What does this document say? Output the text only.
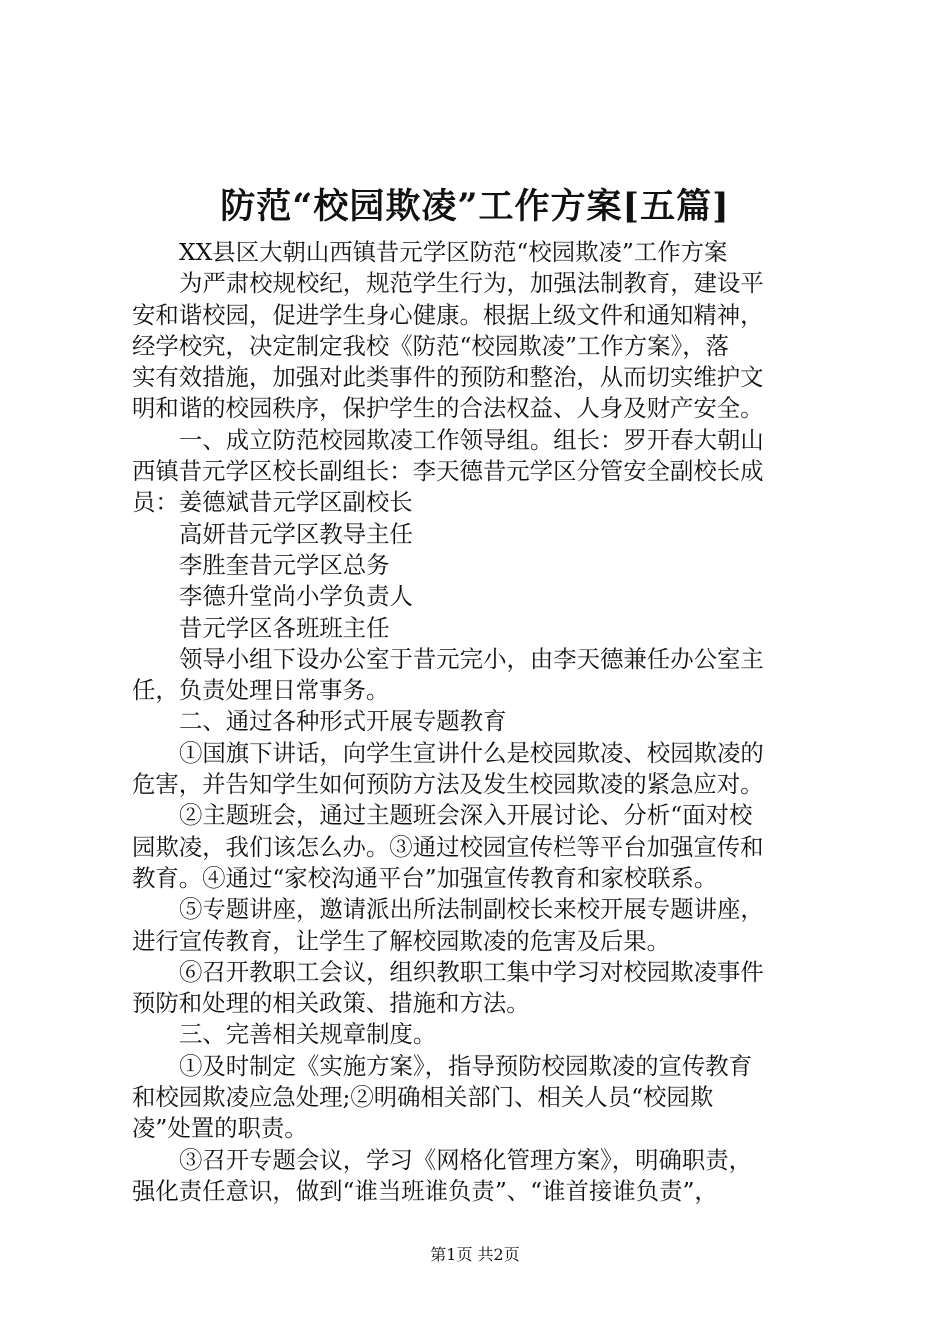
防范“校园欺凌”工作方案[五篇]
XX县区大朝山西镇昔元学区防范“校园欺凌”工作方案
为严肃校规校纪，规范学生行为，加强法制教育，建设平
安和谐校园，促进学生身心健康。根据上级文件和通知精神，
经学校究，决定制定我校《防范“校园欺凌”工作方案》，落
实有效措施，加强对此类事件的预防和整治，从而切实维护文
明和谐的校园秩序，保护学生的合法权益、人身及财产安全。
一、成立防范校园欺凌工作领导组。组长：罗开春大朝山
西镇昔元学区校长副组长：李天德昔元学区分管安全副校长成
员：姜德斌昔元学区副校长
高妍昔元学区教导主任
李胜奎昔元学区总务
李德升堂尚小学负责人
昔元学区各班班主任
领导小组下设办公室于昔元完小，由李天德兼任办公室主
任，负责处理日常事务。
二、通过各种形式开展专题教育
①国旗下讲话，向学生宣讲什么是校园欺凌、校园欺凌的
危害，并告知学生如何预防方法及发生校园欺凌的紧急应对。
②主题班会，通过主题班会深入开展讨论、分析“面对校
园欺凌，我们该怎么办。③通过校园宣传栏等平台加强宣传和
教育。④通过“家校沟通平台”加强宣传教育和家校联系。
⑤专题讲座，邀请派出所法制副校长来校开展专题讲座，
进行宣传教育，让学生了解校园欺凌的危害及后果。
⑥召开教职工会议，组织教职工集中学习对校园欺凌事件
预防和处理的相关政策、措施和方法。
三、完善相关规章制度。
①及时制定《实施方案》，指导预防校园欺凌的宣传教育
和校园欺凌应急处理;②明确相关部门、相关人员“校园欺
凌”处置的职责。
③召开专题会议，学习《网格化管理方案》，明确职责，
强化责任意识，做到“谁当班谁负责”、“谁首接谁负责”，
第1页 共2页
